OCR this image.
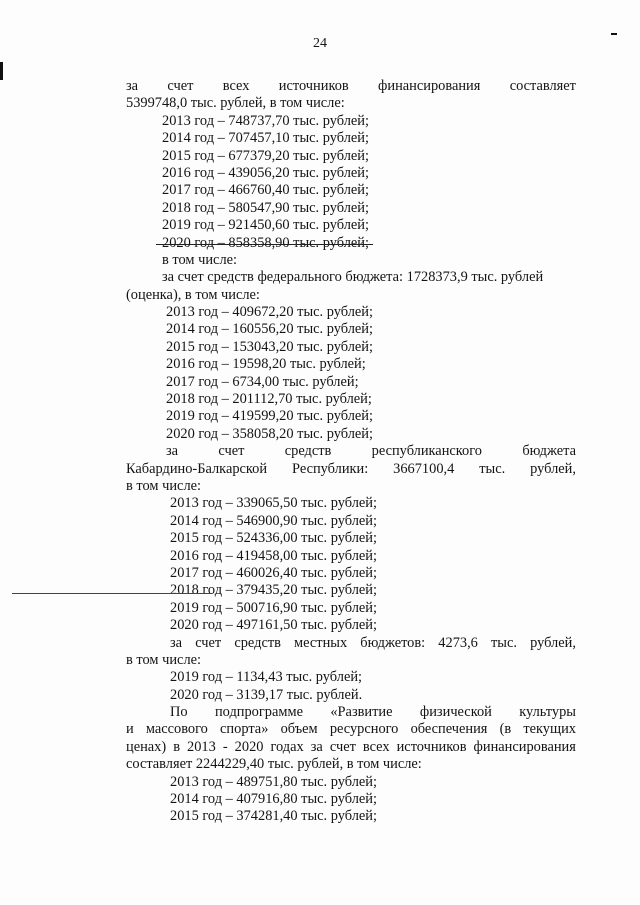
24
за счет всех источников финансирования составляет
5399748,0 тыс. рублей, в том числе:
2013 год – 748737,70 тыс. рублей;
2014 год – 707457,10 тыс. рублей;
2015 год – 677379,20 тыс. рублей;
2016 год – 439056,20 тыс. рублей;
2017 год – 466760,40 тыс. рублей;
2018 год – 580547,90 тыс. рублей;
2019 год – 921450,60 тыс. рублей;
2020 год – 858358,90 тыс. рублей;
в том числе:
за счет средств федерального бюджета: 1728373,9 тыс. рублей
(оценка), в том числе:
2013 год – 409672,20 тыс. рублей;
2014 год – 160556,20 тыс. рублей;
2015 год – 153043,20 тыс. рублей;
2016 год – 19598,20 тыс. рублей;
2017 год – 6734,00 тыс. рублей;
2018 год – 201112,70 тыс. рублей;
2019 год – 419599,20 тыс. рублей;
2020 год – 358058,20 тыс. рублей;
за	счет	средств	республиканского	бюджета
Кабардино-Балкарской Республики: 3667100,4 тыс. рублей,
в том числе:
2013 год – 339065,50 тыс. рублей;
2014 год – 546900,90 тыс. рублей;
2015 год – 524336,00 тыс. рублей;
2016 год – 419458,00 тыс. рублей;
2017 год – 460026,40 тыс. рублей;
2018 год – 379435,20 тыс. рублей;
2019 год – 500716,90 тыс. рублей;
2020 год – 497161,50 тыс. рублей;
за счет средств местных бюджетов: 4273,6 тыс. рублей,
в том числе:
2019 год – 1134,43 тыс. рублей;
2020 год – 3139,17 тыс. рублей.
По подпрограмме «Развитие физической культуры
и массового спорта» объем ресурсного обеспечения (в текущих
ценах) в 2013 - 2020 годах за счет всех источников финансирования
составляет 2244229,40 тыс. рублей, в том числе:
2013 год – 489751,80 тыс. рублей;
2014 год – 407916,80 тыс. рублей;
2015 год – 374281,40 тыс. рублей;
